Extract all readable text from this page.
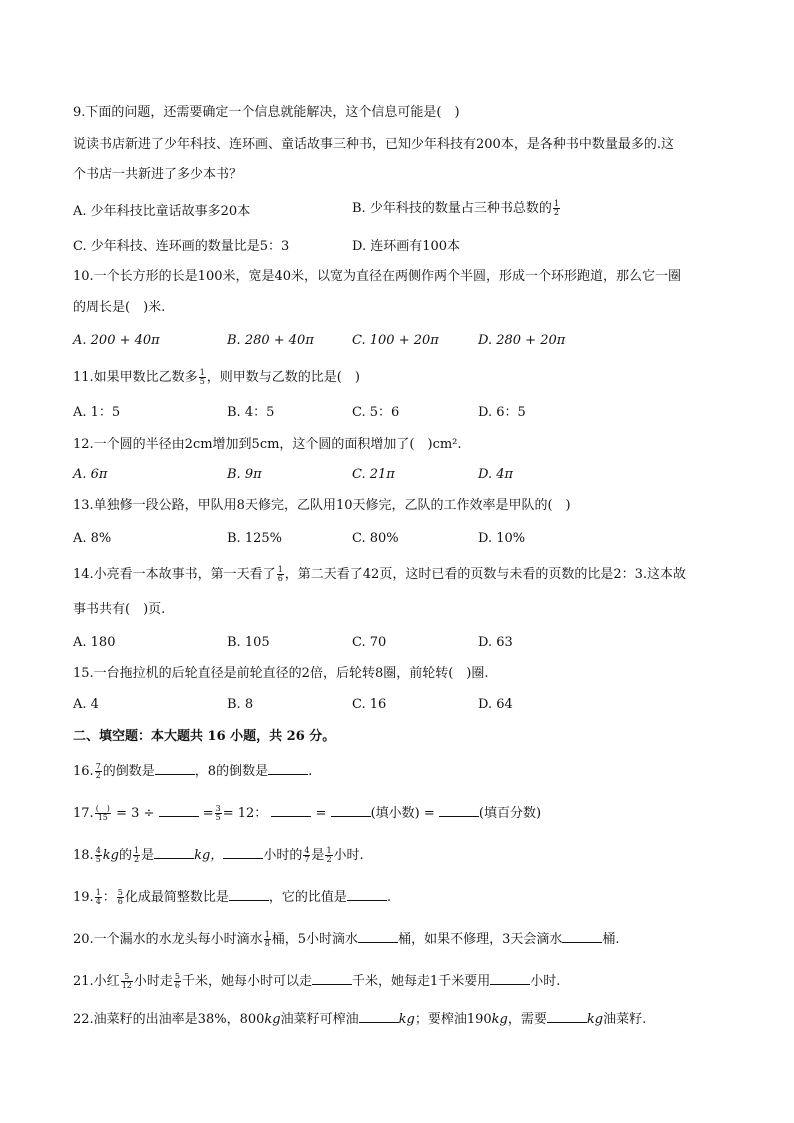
9.下面的问题，还需要确定一个信息就能解决，这个信息可能是(　)
说读书店新进了少年科技、连环画、童话故事三种书，已知少年科技有200本，是各种书中数量最多的.这
个书店一共新进了多少本书？
A. 少年科技比童话故事多20本	B. 少年科技的数量占三种书总数的 $\frac{1}{2}$
C. 少年科技、连环画的数量比是5：3	D. 连环画有100本
10.一个长方形的长是100米，宽是40米，以宽为直径在两侧作两个半圆，形成一个环形跑道，那么它一圈
的周长是(　)米.
A. 200 + 40π	B. 280 + 40π	C. 100 + 20π	D. 280 + 20π
11.如果甲数比乙数多 $\frac{1}{5}$ ，则甲数与乙数的比是(　)
A. 1：5	B. 4：5	C. 5：6	D. 6：5
12.一个圆的半径由2cm增加到5cm，这个圆的面积增加了(　)cm².
A. 6π	B. 9π	C. 21π	D. 4π
13.单独修一段公路，甲队用8天修完，乙队用10天修完，乙队的工作效率是甲队的(　)
A. 8%	B. 125%	C. 80%	D. 10%
14.小亮看一本故事书，第一天看了 $\frac{1}{6}$ ，第二天看了42页，这时已看的页数与未看的页数的比是2：3.这本故
事书共有(　)页.
A. 180	B. 105	C. 70	D. 63
15.一台拖拉机的后轮直径是前轮直径的2倍，后轮转8圈，前轮转(　)圈.
A. 4	B. 8	C. 16	D. 64
二、填空题：本大题共 16 小题，共 26 分。
16. $\frac{7}{2}$ 的倒数是	，8的倒数是	.
17. $\frac{( )}{15} = 3$ ÷	= $\frac{3}{5} = 12$：	=	(填小数) =	(填百分数)
18. $\frac{4}{5}$ kg的 $\frac{1}{2}$ 是	kg，	小时的 $\frac{4}{7}$ 是 $\frac{1}{2}$ 小时.
19. $\frac{1}{4}$ ： $\frac{5}{6}$ 化成最简整数比是	，它的比值是	.
20.一个漏水的水龙头每小时滴水 $\frac{1}{8}$ 桶，5小时滴水	桶，如果不修理，3天会滴水	桶.
21.小红 $\frac{5}{12}$ 小时走 $\frac{5}{6}$ 千米，她每小时可以走	千米，她每走1千米要用	小时.
22.油菜籽的出油率是38%，800kg油菜籽可榨油	kg；要榨油190kg，需要	kg油菜籽.
